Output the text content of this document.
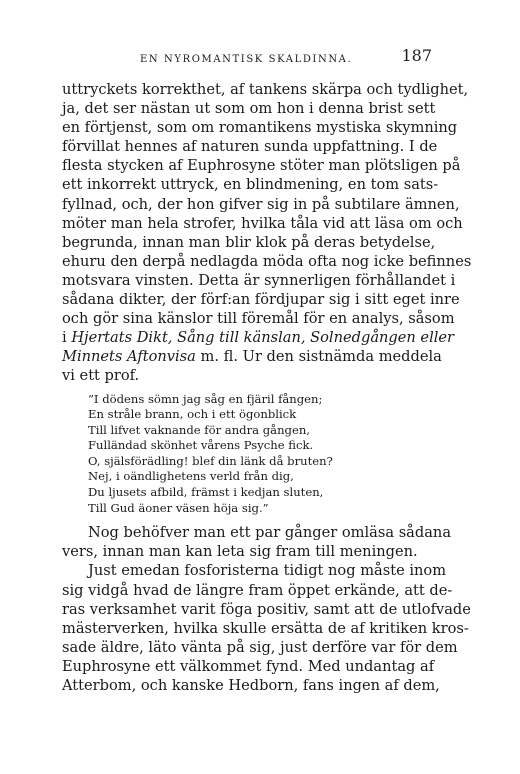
EN NYROMANTISK SKALDINNA.	187
uttryckets korrekthet, af tankens skärpa och tydlighet,
ja, det ser nästan ut som om hon i denna brist sett
en förtjenst, som om romantikens mystiska skymning
förvillat hennes af naturen sunda uppfattning. I de
flesta stycken af Euphrosyne stöter man plötsligen på
ett inkorrekt uttryck, en blindmening, en tom sats-
fyllnad, och, der hon gifver sig in på subtilare ämnen,
möter man hela strofer, hvilka tåla vid att läsa om och
begrunda, innan man blir klok på deras betydelse,
ehuru den derpå nedlagda möda ofta nog icke befinnes
motsvara vinsten. Detta är synnerligen förhållandet i
sådana dikter, der förf:an fördjupar sig i sitt eget inre
och gör sina känslor till föremål för en analys, såsom
i Hjertats Dikt, Sång till känslan, Solnedgången eller
Minnets Aftonvisa m. fl. Ur den sistnämda meddela
vi ett prof.
”I dödens sömn jag såg en fjäril fången;
En stråle brann, och i ett ögonblick
Till lifvet vaknande för andra gången,
Fulländad skönhet vårens Psyche fick.
O, själsförädling! blef din länk då bruten?
Nej, i oändlighetens verld från dig,
Du ljusets afbild, främst i kedjan sluten,
Till Gud äoner väsen höja sig.”
Nog behöfver man ett par gånger omläsa sådana
vers, innan man kan leta sig fram till meningen.
Just emedan fosforisterna tidigt nog måste inom
sig vidgå hvad de längre fram öppet erkände, att de-
ras verksamhet varit föga positiv, samt att de utlofvade
mästerverken, hvilka skulle ersätta de af kritiken kros-
sade äldre, läto vänta på sig, just derföre var för dem
Euphrosyne ett välkommet fynd. Med undantag af
Atterbom, och kanske Hedborn, fans ingen af dem,
